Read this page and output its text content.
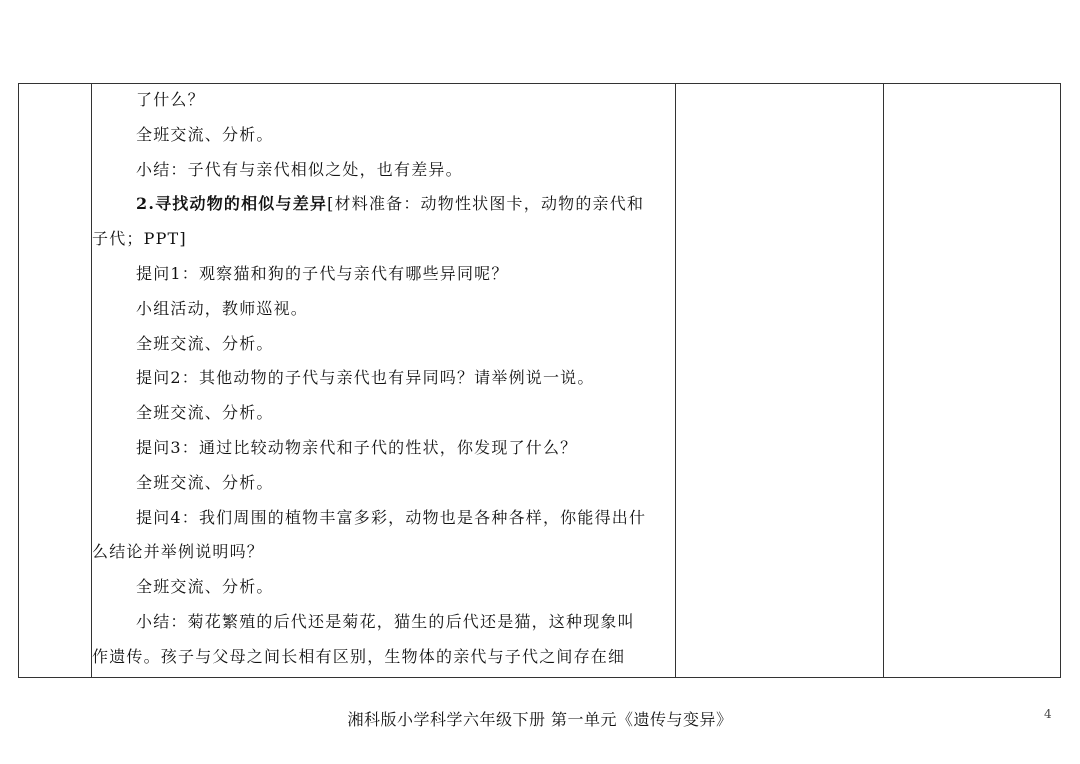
了什么？
全班交流、分析。
小结：子代有与亲代相似之处，也有差异。
2.寻找动物的相似与差异[材料准备：动物性状图卡，动物的亲代和
子代；PPT]
提问1：观察猫和狗的子代与亲代有哪些异同呢？
小组活动，教师巡视。
全班交流、分析。
提问2：其他动物的子代与亲代也有异同吗？请举例说一说。
全班交流、分析。
提问3：通过比较动物亲代和子代的性状，你发现了什么？
全班交流、分析。
提问4：我们周围的植物丰富多彩，动物也是各种各样，你能得出什
么结论并举例说明吗？
全班交流、分析。
小结：菊花繁殖的后代还是菊花，猫生的后代还是猫，这种现象叫
作遗传。孩子与父母之间长相有区别，生物体的亲代与子代之间存在细
湘科版小学科学六年级下册 第一单元《遗传与变异》	4
